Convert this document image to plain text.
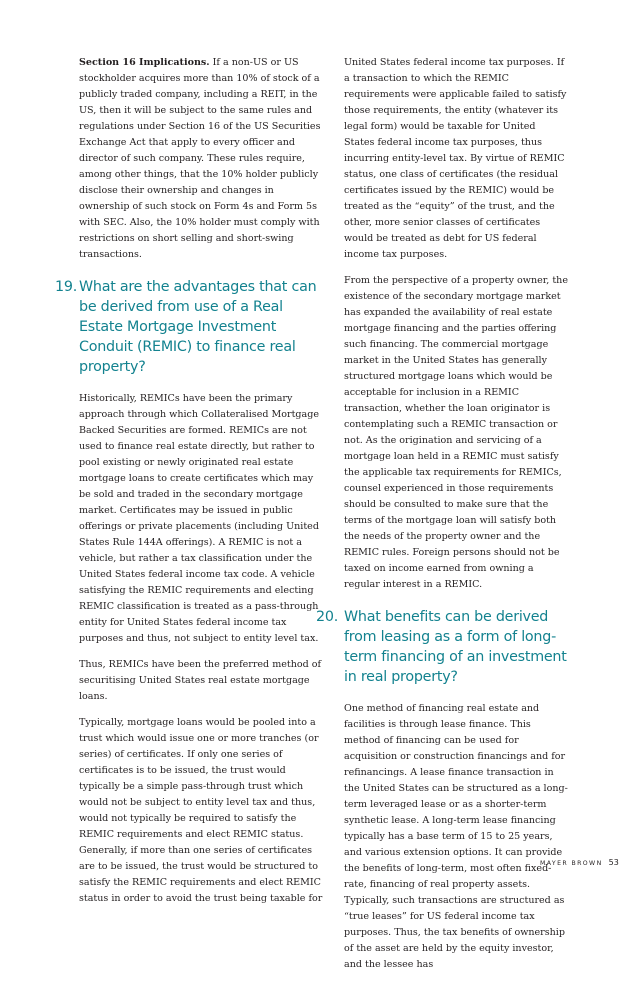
Section 16 Implications. If a non-US or US stockholder acquires more than 10% of stock of a publicly traded company, including a REIT, in the US, then it will be subject to the same rules and regulations under Section 16 of the US Securities Exchange Act that apply to every officer and director of such company. These rules require, among other things, that the 10% holder publicly disclose their ownership and changes in ownership of such stock on Form 4s and Form 5s with SEC. Also, the 10% holder must comply with restrictions on short selling and short-swing transactions.

19. What are the advantages that can be derived from use of a Real Estate Mortgage Investment Conduit (REMIC) to finance real property?

Historically, REMICs have been the primary approach through which Collateralised Mortgage Backed Securities are formed. REMICs are not used to finance real estate directly, but rather to pool existing or newly originated real estate mortgage loans to create certificates which may be sold and traded in the secondary mortgage market. Certificates may be issued in public offerings or private placements (including United States Rule 144A offerings). A REMIC is not a vehicle, but rather a tax classification under the United States federal income tax code. A vehicle satisfying the REMIC requirements and electing REMIC classification is treated as a pass-through entity for United States federal income tax purposes and thus, not subject to entity level tax.

Thus, REMICs have been the preferred method of securitising United States real estate mortgage loans.

Typically, mortgage loans would be pooled into a trust which would issue one or more tranches (or series) of certificates. If only one series of certificates is to be issued, the trust would typically be a simple pass-through trust which would not be subject to entity level tax and thus, would not typically be required to satisfy the REMIC requirements and elect REMIC status. Generally, if more than one series of certificates are to be issued, the trust would be structured to satisfy the REMIC requirements and elect REMIC status in order to avoid the trust being taxable for

United States federal income tax purposes. If a transaction to which the REMIC requirements were applicable failed to satisfy those requirements, the entity (whatever its legal form) would be taxable for United States federal income tax purposes, thus incurring entity-level tax. By virtue of REMIC status, one class of certificates (the residual certificates issued by the REMIC) would be treated as the “equity” of the trust, and the other, more senior classes of certificates would be treated as debt for US federal income tax purposes.

From the perspective of a property owner, the existence of the secondary mortgage market has expanded the availability of real estate mortgage financing and the parties offering such financing. The commercial mortgage market in the United States has generally structured mortgage loans which would be acceptable for inclusion in a REMIC transaction, whether the loan originator is contemplating such a REMIC transaction or not. As the origination and servicing of a mortgage loan held in a REMIC must satisfy the applicable tax requirements for REMICs, counsel experienced in those requirements should be consulted to make sure that the terms of the mortgage loan will satisfy both the needs of the property owner and the REMIC rules. Foreign persons should not be taxed on income earned from owning a regular interest in a REMIC.

20. What benefits can be derived from leasing as a form of long-term financing of an investment in real property?

One method of financing real estate and facilities is through lease finance. This method of financing can be used for acquisition or construction financings and for refinancings. A lease finance transaction in the United States can be structured as a long-term leveraged lease or as a shorter-term synthetic lease. A long-term lease financing typically has a base term of 15 to 25 years, and various extension options. It can provide the benefits of long-term, most often fixed-rate, financing of real property assets. Typically, such transactions are structured as “true leases” for US federal income tax purposes. Thus, the tax benefits of ownership of the asset are held by the equity investor, and the lessee has

MAYER BROWN 53
